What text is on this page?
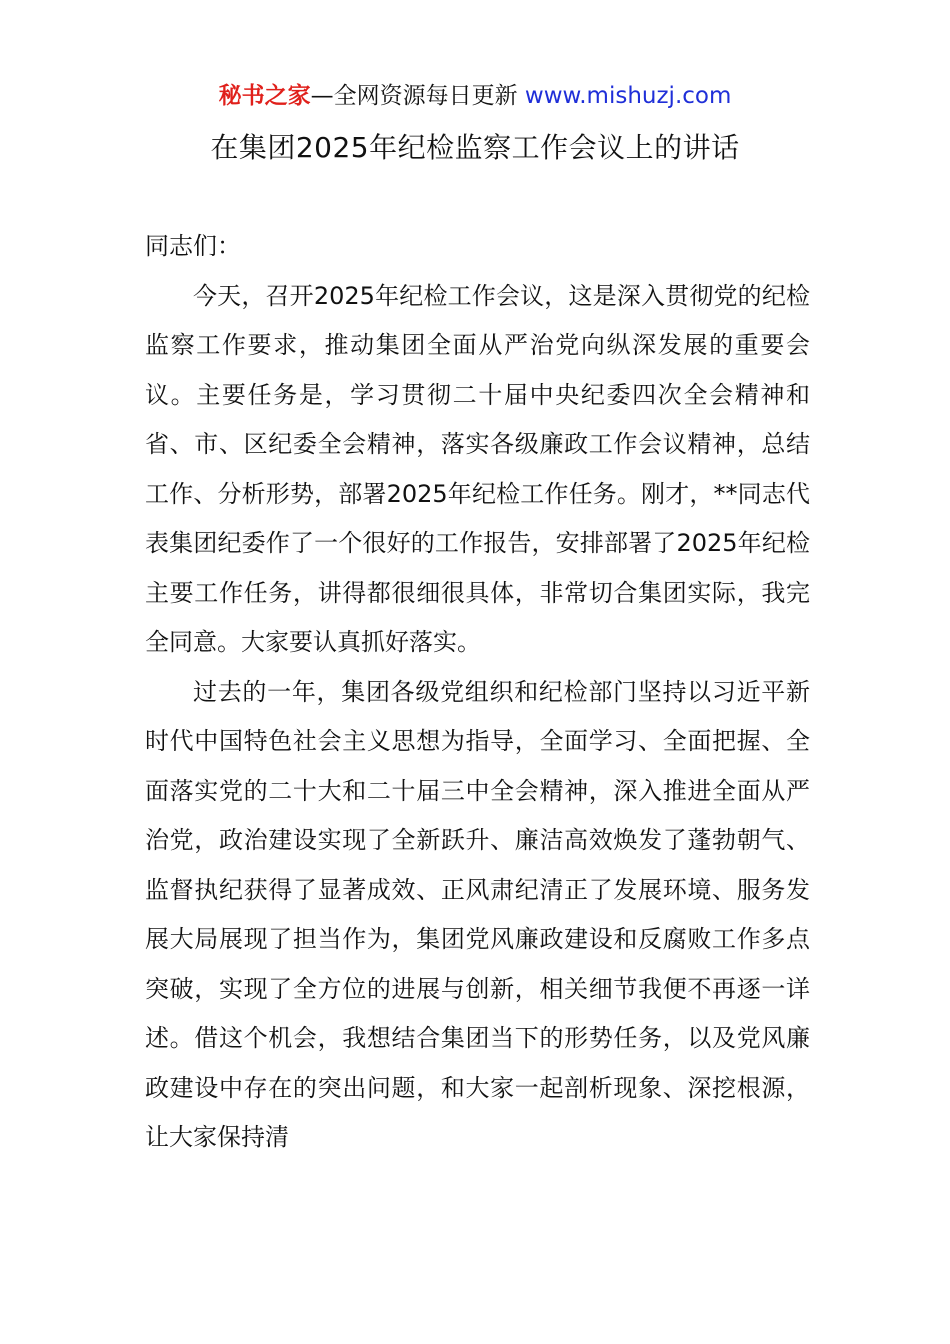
秘书之家—全网资源每日更新 www.mishuzj.com
在集团2025年纪检监察工作会议上的讲话

同志们：

今天，召开2025年纪检工作会议，这是深入贯彻党的纪检监察工作要求，推动集团全面从严治党向纵深发展的重要会议。主要任务是，学习贯彻二十届中央纪委四次全会精神和省、市、区纪委全会精神，落实各级廉政工作会议精神，总结工作、分析形势，部署2025年纪检工作任务。刚才，**同志代表集团纪委作了一个很好的工作报告，安排部署了2025年纪检主要工作任务，讲得都很细很具体，非常切合集团实际，我完全同意。大家要认真抓好落实。

过去的一年，集团各级党组织和纪检部门坚持以习近平新时代中国特色社会主义思想为指导，全面学习、全面把握、全面落实党的二十大和二十届三中全会精神，深入推进全面从严治党，政治建设实现了全新跃升、廉洁高效焕发了蓬勃朝气、监督执纪获得了显著成效、正风肃纪清正了发展环境、服务发展大局展现了担当作为，集团党风廉政建设和反腐败工作多点突破，实现了全方位的进展与创新，相关细节我便不再逐一详述。借这个机会，我想结合集团当下的形势任务，以及党风廉政建设中存在的突出问题，和大家一起剖析现象、深挖根源，让大家保持清
